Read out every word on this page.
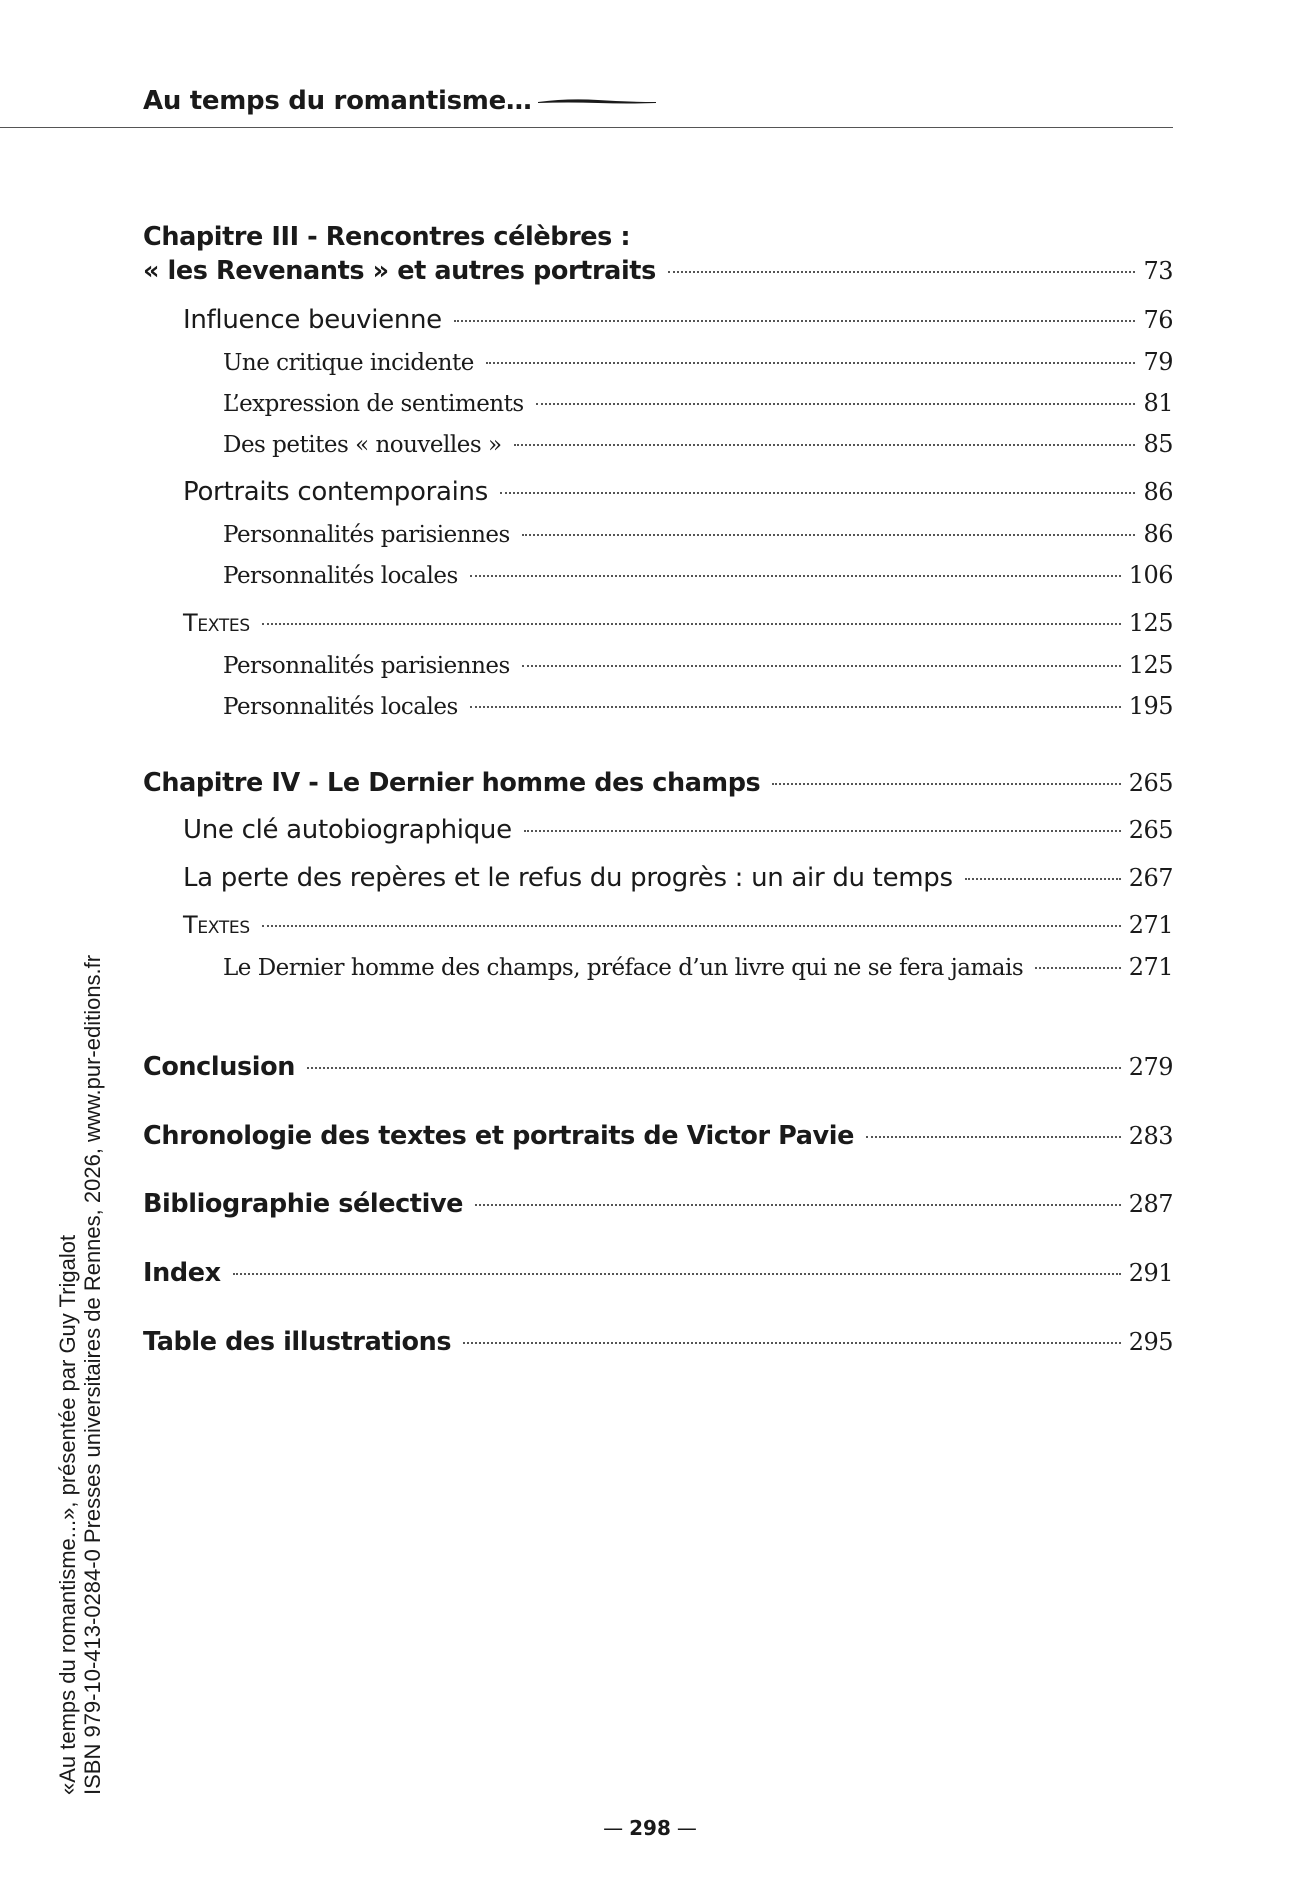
Au temps du romantisme…
Chapitre III - Rencontres célèbres :
« les Revenants » et autres portraits	73
Influence beuvienne	76
Une critique incidente	79
L’expression de sentiments	81
Des petites « nouvelles »	85
Portraits contemporains	86
Personnalités parisiennes	86
Personnalités locales	106
Textes	125
Personnalités parisiennes	125
Personnalités locales	195
Chapitre IV - Le Dernier homme des champs	265
Une clé autobiographique	265
La perte des repères et le refus du progrès : un air du temps	267
Textes	271
Le Dernier homme des champs, préface d’un livre qui ne se fera jamais	271
Conclusion	279
Chronologie des textes et portraits de Victor Pavie	283
Bibliographie sélective	287
Index	291
Table des illustrations	295
«Au temps du romantisme...», présentée par Guy Trigalot ISBN 979-10-413-0284-0 Presses universitaires de Rennes, 2026, www.pur-editions.fr
— 298 —
